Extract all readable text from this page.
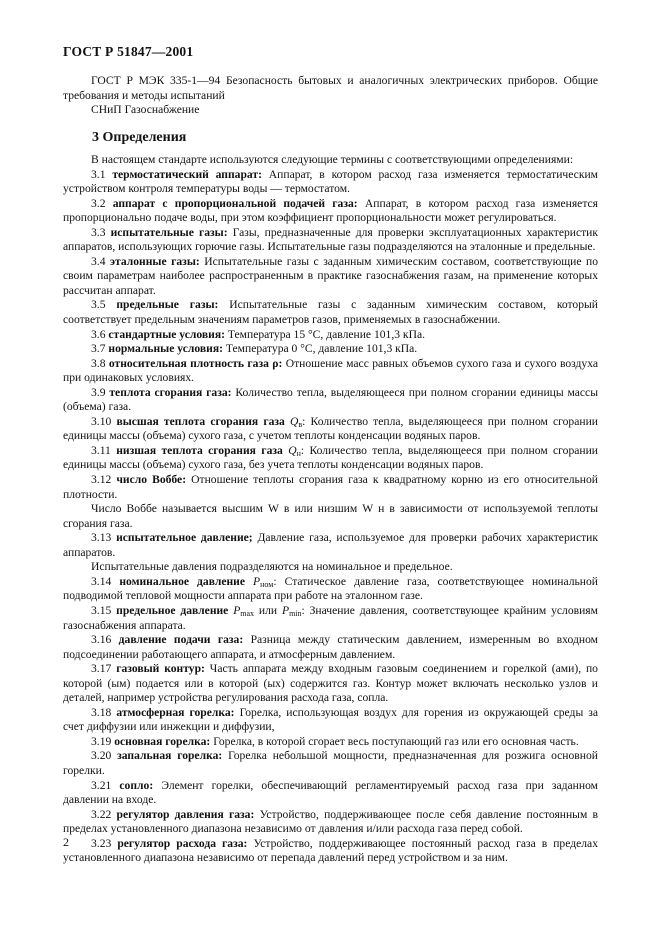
ГОСТ Р 51847—2001

ГОСТ Р МЭК 335-1—94 Безопасность бытовых и аналогичных электрических приборов. Общие требования и методы испытаний

СНиП Газоснабжение

3 Определения

В настоящем стандарте используются следующие термины с соответствующими определениями:

3.1 термостатический аппарат: Аппарат, в котором расход газа изменяется термостатическим устройством контроля температуры воды — термостатом.

3.2 аппарат с пропорциональной подачей газа: Аппарат, в котором расход газа изменяется пропорционально подаче воды, при этом коэффициент пропорциональности может регулироваться.

3.3 испытательные газы: Газы, предназначенные для проверки эксплуатационных характеристик аппаратов, использующих горючие газы. Испытательные газы подразделяются на эталонные и предельные.

3.4 эталонные газы: Испытательные газы с заданным химическим составом, соответствующие по своим параметрам наиболее распространенным в практике газоснабжения газам, на применение которых рассчитан аппарат.

3.5 предельные газы: Испытательные газы с заданным химическим составом, который соответствует предельным значениям параметров газов, применяемых в газоснабжении.

3.6 стандартные условия: Температура 15 °С, давление 101,3 кПа.

3.7 нормальные условия: Температура 0 °С, давление 101,3 кПа.

3.8 относительная плотность газа ρ: Отношение масс равных объемов сухого газа и сухого воздуха при одинаковых условиях.

3.9 теплота сгорания газа: Количество тепла, выделяющееся при полном сгорании единицы массы (объема) газа.

3.10 высшая теплота сгорания газа $Q_в$: Количество тепла, выделяющееся при полном сгорании единицы массы (объема) сухого газа, с учетом теплоты конденсации водяных паров.

3.11 низшая теплота сгорания газа $Q_н$: Количество тепла, выделяющееся при полном сгорании единицы массы (объема) сухого газа, без учета теплоты конденсации водяных паров.

3.12 число Воббе: Отношение теплоты сгорания газа к квадратному корню из его относительной плотности.

Число Воббе называется высшим W в или низшим W н в зависимости от используемой теплоты сгорания газа.

3.13 испытательное давление; Давление газа, используемое для проверки рабочих характеристик аппаратов.

Испытательные давления подразделяются на номинальное и предельное.

3.14 номинальное давление $P_{ном}$: Статическое давление газа, соответствующее номинальной подводимой тепловой мощности аппарата при работе на эталонном газе.

3.15 предельное давление $P_{max}$ или $P_{min}$: Значение давления, соответствующее крайним условиям газоснабжения аппарата.

3.16 давление подачи газа: Разница между статическим давлением, измеренным во входном подсоединении работающего аппарата, и атмосферным давлением.

3.17 газовый контур: Часть аппарата между входным газовым соединением и горелкой (ами), по которой (ым) подается или в которой (ых) содержится газ. Контур может включать несколько узлов и деталей, например устройства регулирования расхода газа, сопла.

3.18 атмосферная горелка: Горелка, использующая воздух для горения из окружающей среды за счет диффузии или инжекции и диффузии,

3.19 основная горелка: Горелка, в которой сгорает весь поступающий газ или его основная часть.

3.20 запальная горелка: Горелка небольшой мощности, предназначенная для розжига основной горелки.

3.21 сопло: Элемент горелки, обеспечивающий регламентируемый расход газа при заданном давлении на входе.

3.22 регулятор давления газа: Устройство, поддерживающее после себя давление постоянным в пределах установленного диапазона независимо от давления и/или расхода газа перед собой.

3.23 регулятор расхода газа: Устройство, поддерживающее постоянный расход газа в пределах установленного диапазона независимо от перепада давлений перед устройством и за ним.

2
